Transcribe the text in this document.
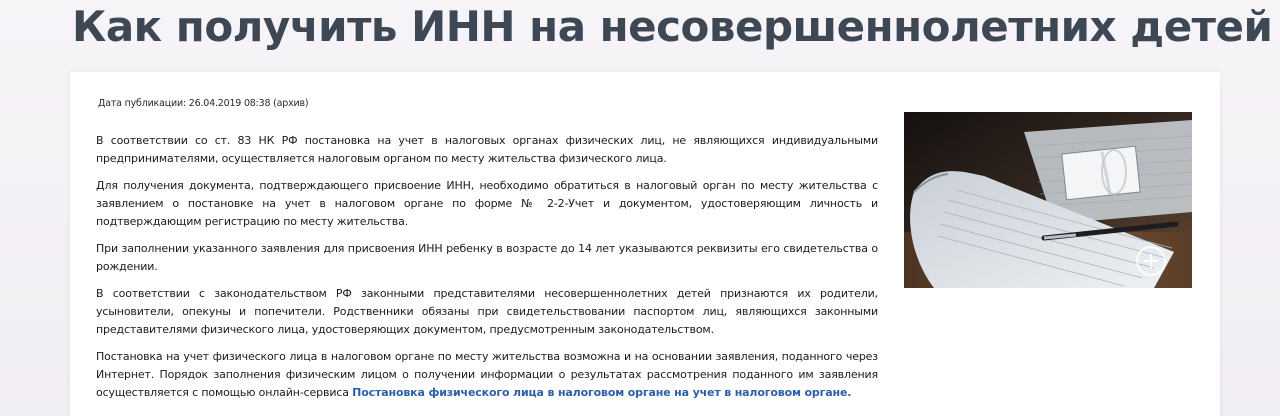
Как получить ИНН на несовершеннолетних детей
Дата публикации: 26.04.2019 08:38 (архив)

В соответствии со ст. 83 НК РФ постановка на учет в налоговых органах физических лиц, не являющихся индивидуальными предпринимателями, осуществляется налоговым органом по месту жительства физического лица.

Для получения документа, подтверждающего присвоение ИНН, необходимо обратиться в налоговый орган по месту жительства с заявлением о постановке на учет в налоговом органе по форме № 2-2-Учет и документом, удостоверяющим личность и подтверждающим регистрацию по месту жительства.

При заполнении указанного заявления для присвоения ИНН ребенку в возрасте до 14 лет указываются реквизиты его свидетельства о рождении.

В соответствии с законодательством РФ законными представителями несовершеннолетних детей признаются их родители, усыновители, опекуны и попечители. Родственники обязаны при свидетельствовании паспортом лиц, являющихся законными представителями физического лица, удостоверяющих документом, предусмотренным законодательством.

Постановка на учет физического лица в налоговом органе по месту жительства возможна и на основании заявления, поданного через Интернет. Порядок заполнения физическим лицом о получении информации о результатах рассмотрения поданного им заявления осуществляется с помощью онлайн-сервиса Постановка физического лица в налоговом органе на учет в налоговом органе.
